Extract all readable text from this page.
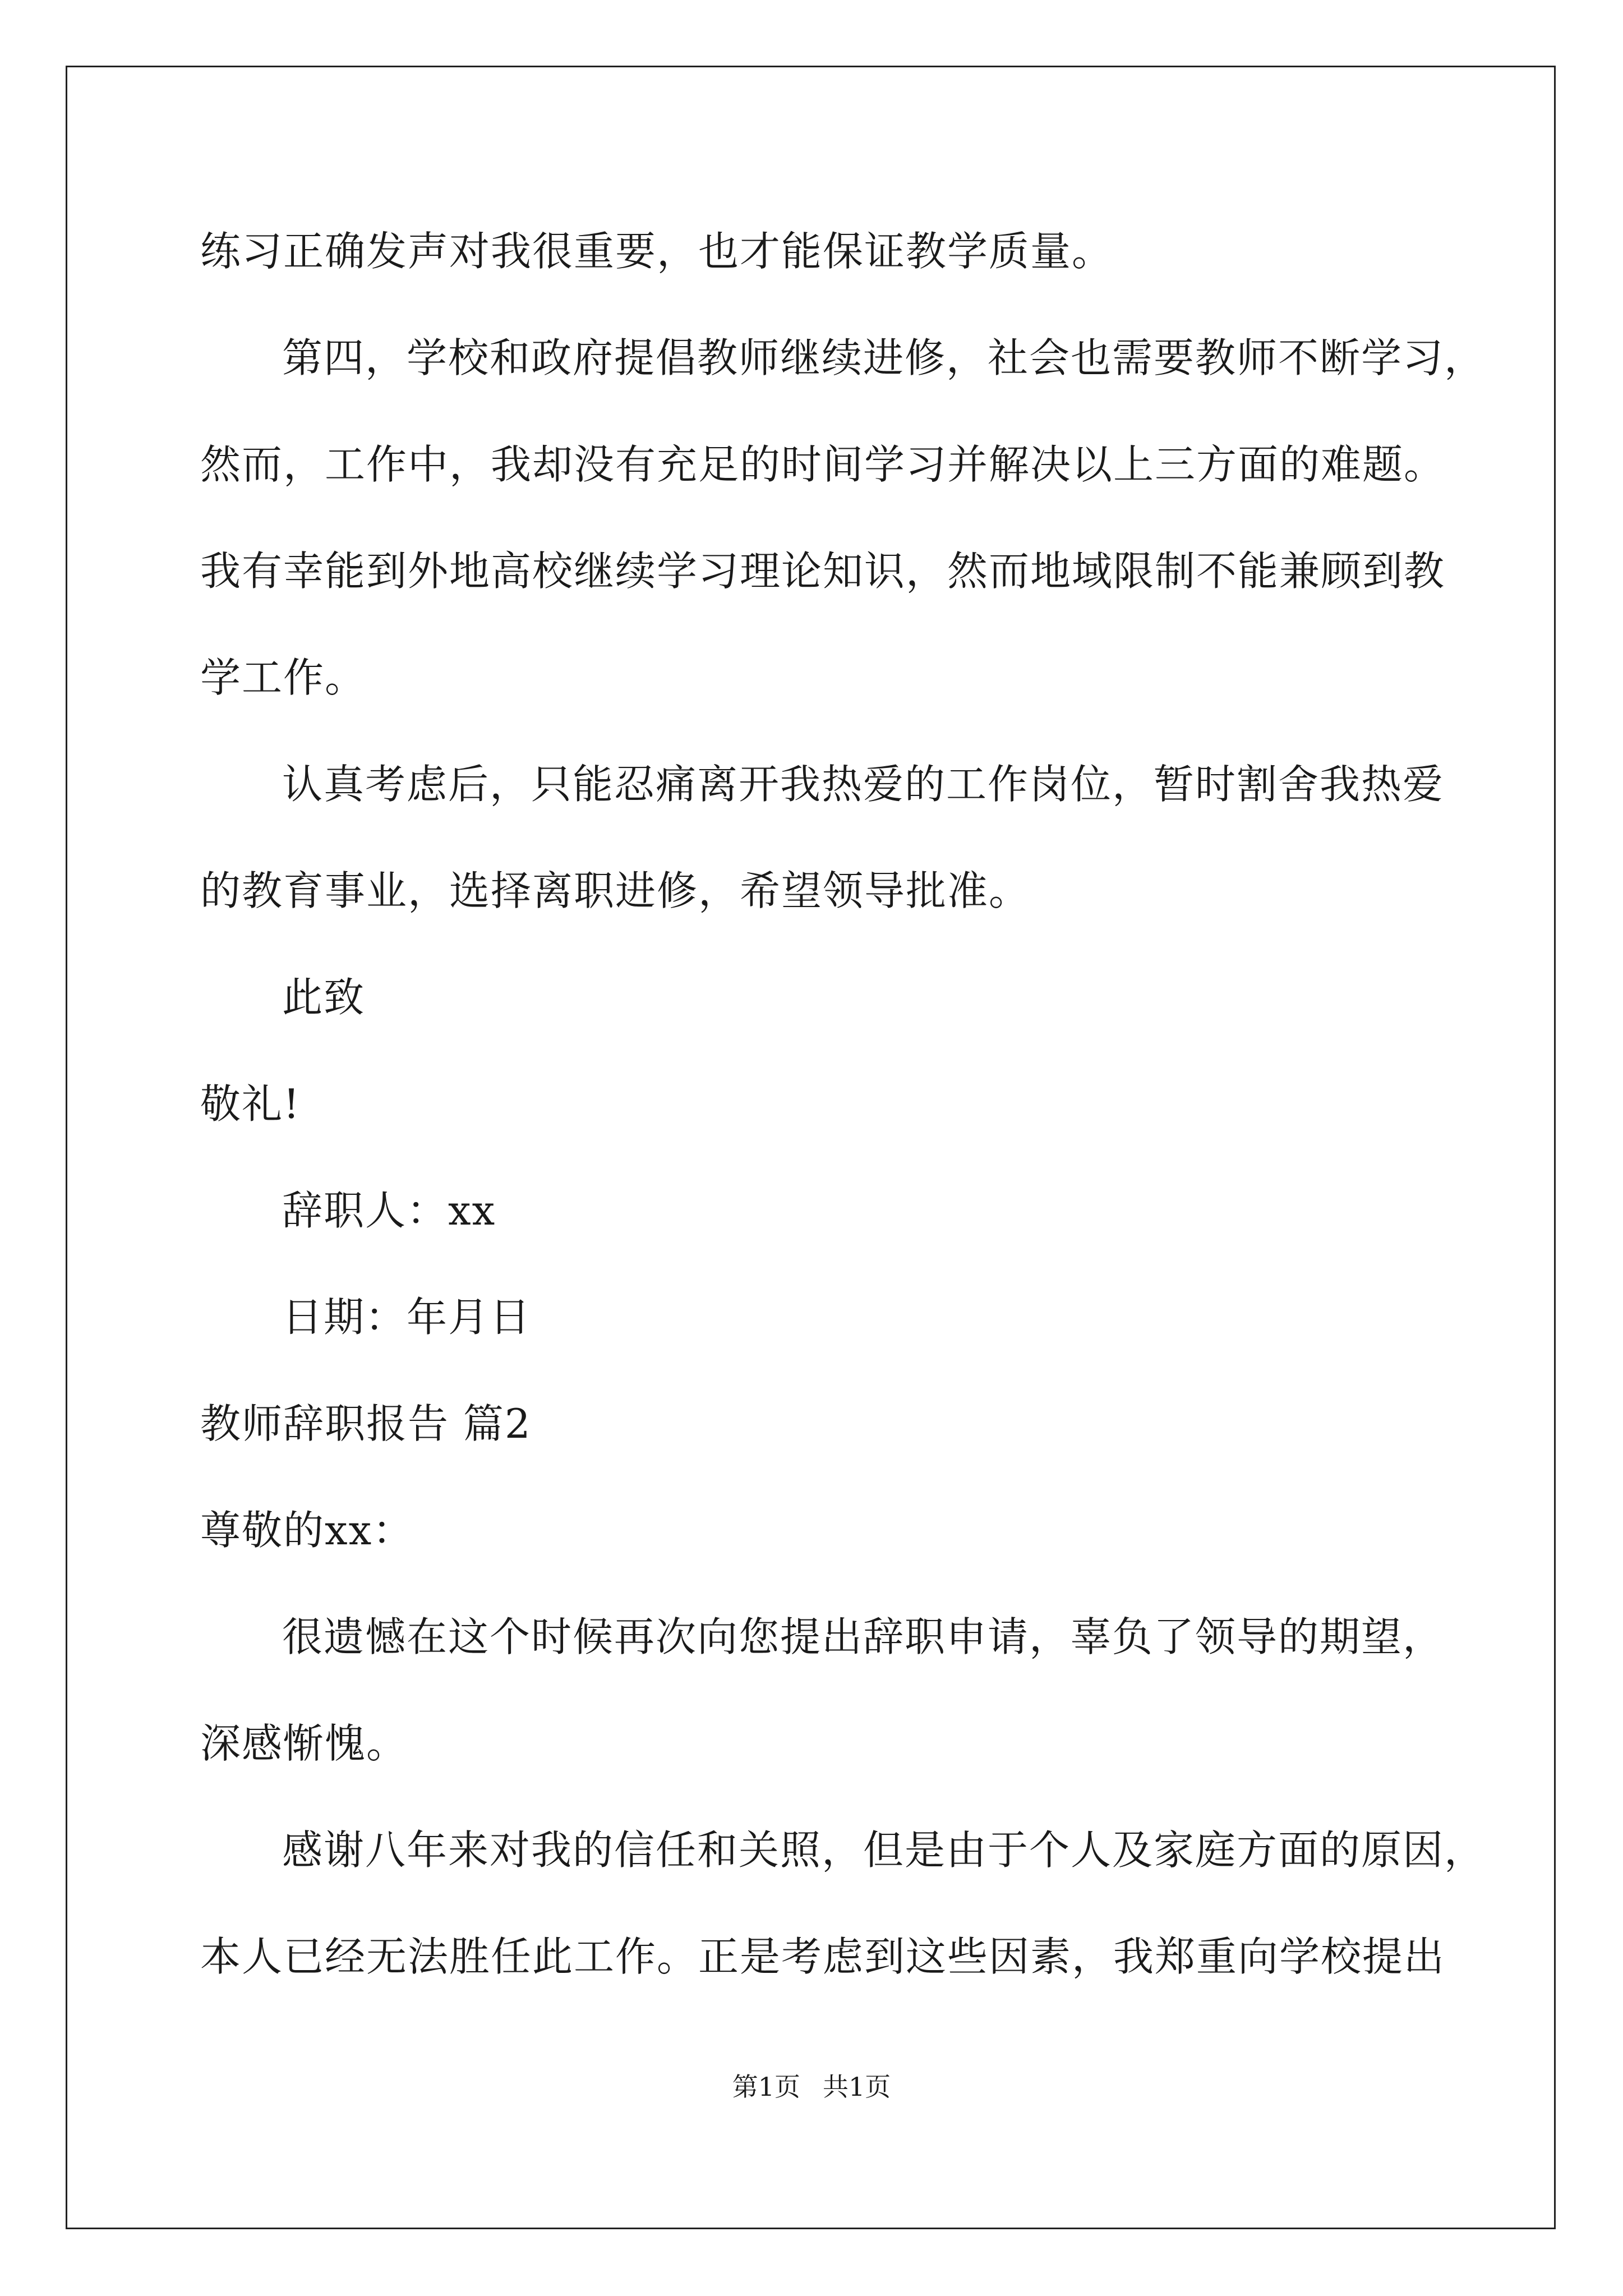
练习正确发声对我很重要，也才能保证教学质量。
第四，学校和政府提倡教师继续进修，社会也需要教师不断学习，
然而，工作中，我却没有充足的时间学习并解决以上三方面的难题。
我有幸能到外地高校继续学习理论知识，然而地域限制不能兼顾到教
学工作。
认真考虑后，只能忍痛离开我热爱的工作岗位，暂时割舍我热爱
的教育事业，选择离职进修，希望领导批准。
此致
敬礼!
辞职人：xx
日期：年月日
教师辞职报告 篇2
尊敬的xx：
很遗憾在这个时候再次向您提出辞职申请，辜负了领导的期望，
深感惭愧。
感谢八年来对我的信任和关照，但是由于个人及家庭方面的原因，
本人已经无法胜任此工作。正是考虑到这些因素，我郑重向学校提出
第1页 共1页
